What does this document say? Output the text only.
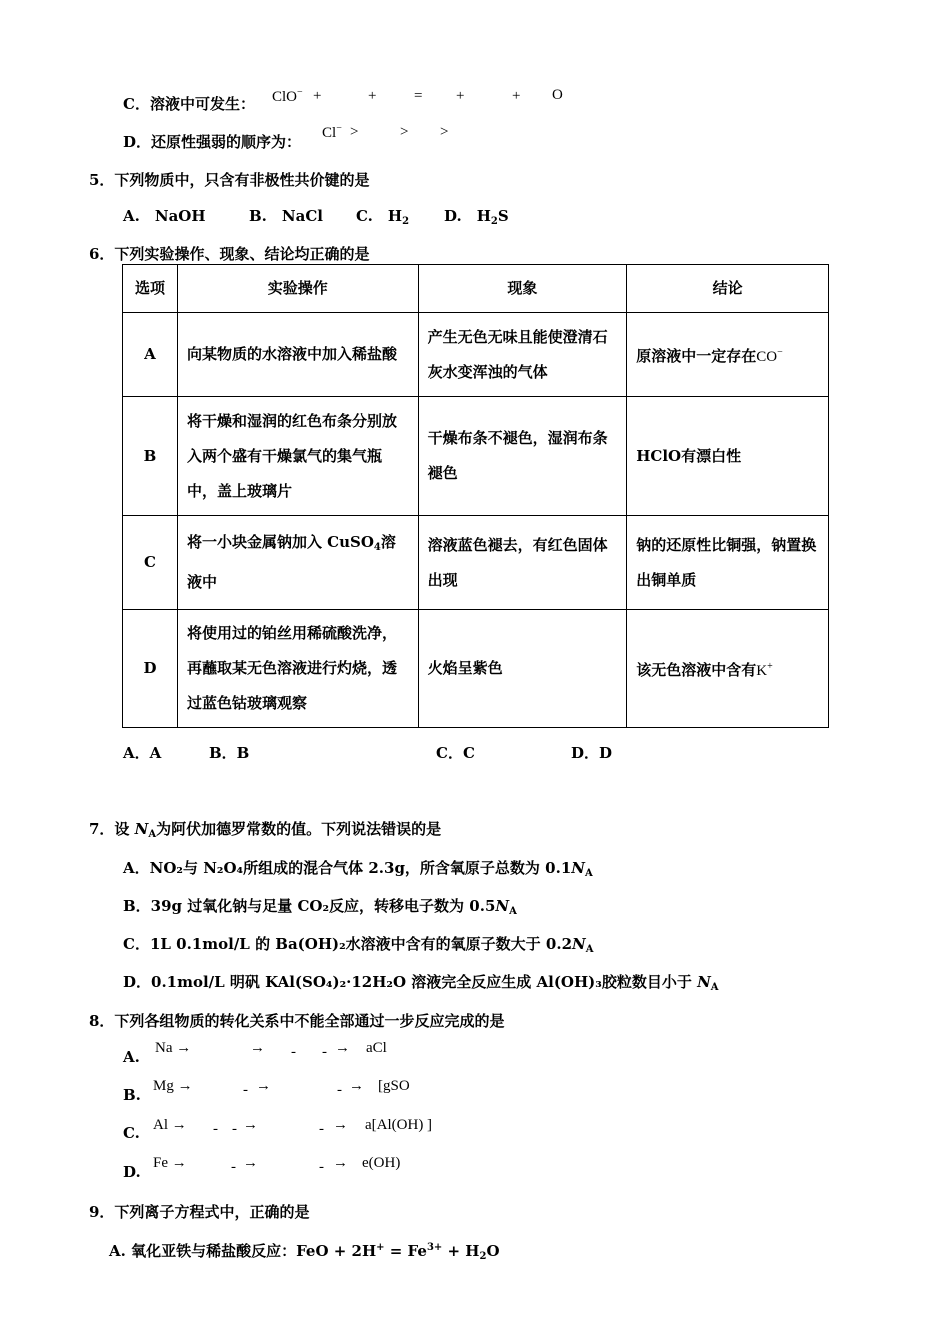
C．溶液中可发生： ClO− +	+	= +	+ O
D．还原性强弱的顺序为： Cl− >	> >
5．下列物质中，只含有非极性共价键的是
A.　NaOH	B.　NaCl C.　$H_2$ D.　$H_2S$
6．下列实验操作、现象、结论均正确的是
选项	实验操作	现象	结论
A	向某物质的水溶液中加入稀盐酸	产生无色无味且能使澄清石灰水变浑浊的气体	原溶液中一定存在CO−
B	将干燥和湿润的红色布条分别放入两个盛有干燥氯气的集气瓶中，盖上玻璃片	干燥布条不褪色，湿润布条褪色	HClO有漂白性
C	将一小块金属钠加入 CuSO$_4$溶液中	溶液蓝色褪去，有红色固体出现	钠的还原性比铜强，钠置换出铜单质
D	将使用过的铂丝用稀硫酸洗净，再蘸取某无色溶液进行灼烧，透过蓝色钴玻璃观察	火焰呈紫色	该无色溶液中含有K+
A．A	B．B	C．C	D．D
7．设 $N_A$为阿伏加德罗常数的值。下列说法错误的是
A．NO₂与 N₂O₄所组成的混合气体 2.3g，所含氧原子总数为 $0.1N_A$
B．39g 过氧化钠与足量 CO₂反应，转移电子数为 $0.5N_A$
C．1L 0.1mol/L 的 Ba(OH)₂水溶液中含有的氧原子数大于 $0.2N_A$
D．0.1mol/L 明矾 KAl(SO₄)₂·12H₂O 溶液完全反应生成 Al(OH)₃胶粒数目小于 $N_A$
8．下列各组物质的转化关系中不能全部通过一步反应完成的是
A. Na →	→ - - → aCl
B. Mg →	- →	- → [gSO
C. Al → - - →	- → a[Al(OH) ]
D. Fe →	- →	- → e(OH)
9．下列离子方程式中，正确的是
A. 氧化亚铁与稀盐酸反应：FeO + $2H^+ = Fe^{3+} + H_2O$
